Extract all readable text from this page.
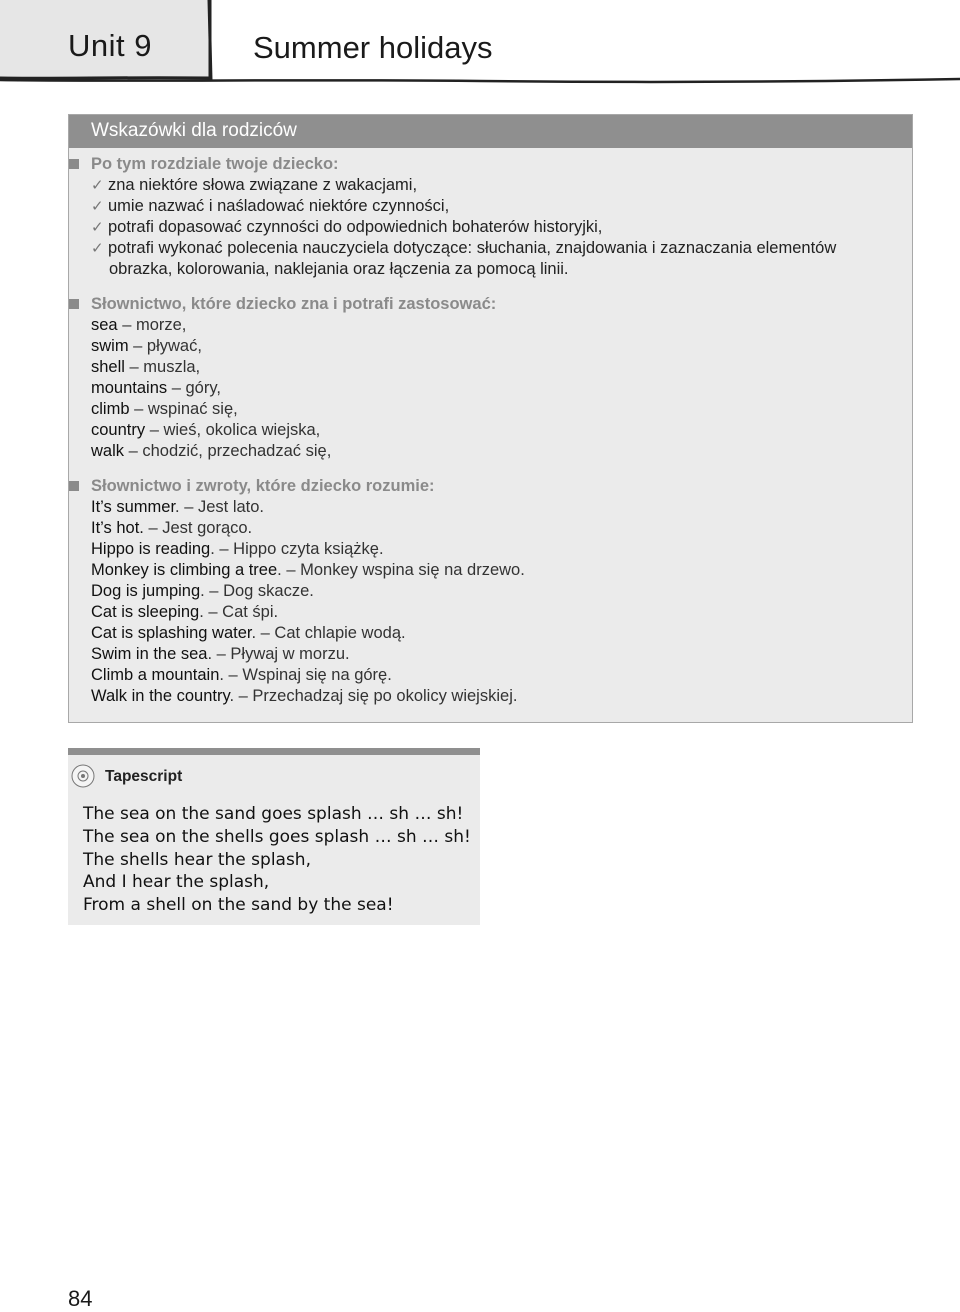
Unit 9	Summer holidays
Wskazówki dla rodziców
Po tym rozdziale twoje dziecko:
✓ zna niektóre słowa związane z wakacjami,
✓ umie nazwać i naśladować niektóre czynności,
✓ potrafi dopasować czynności do odpowiednich bohaterów historyjki,
✓ potrafi wykonać polecenia nauczyciela dotyczące: słuchania, znajdowania i zaznaczania elementów
obrazka, kolorowania, naklejania oraz łączenia za pomocą linii.
Słownictwo, które dziecko zna i potrafi zastosować:
sea – morze,
swim – pływać,
shell – muszla,
mountains – góry,
climb – wspinać się,
country – wieś, okolica wiejska,
walk – chodzić, przechadzać się,
Słownictwo i zwroty, które dziecko rozumie:
It’s summer. – Jest lato.
It’s hot. – Jest gorąco.
Hippo is reading. – Hippo czyta książkę.
Monkey is climbing a tree. – Monkey wspina się na drzewo.
Dog is jumping. – Dog skacze.
Cat is sleeping. – Cat śpi.
Cat is splashing water. – Cat chlapie wodą.
Swim in the sea. – Pływaj w morzu.
Climb a mountain. – Wspinaj się na górę.
Walk in the country. – Przechadzaj się po okolicy wiejskiej.
Tapescript
The sea on the sand goes splash … sh … sh!
The sea on the shells goes splash … sh … sh!
The shells hear the splash,
And I hear the splash,
From a shell on the sand by the sea!
84
